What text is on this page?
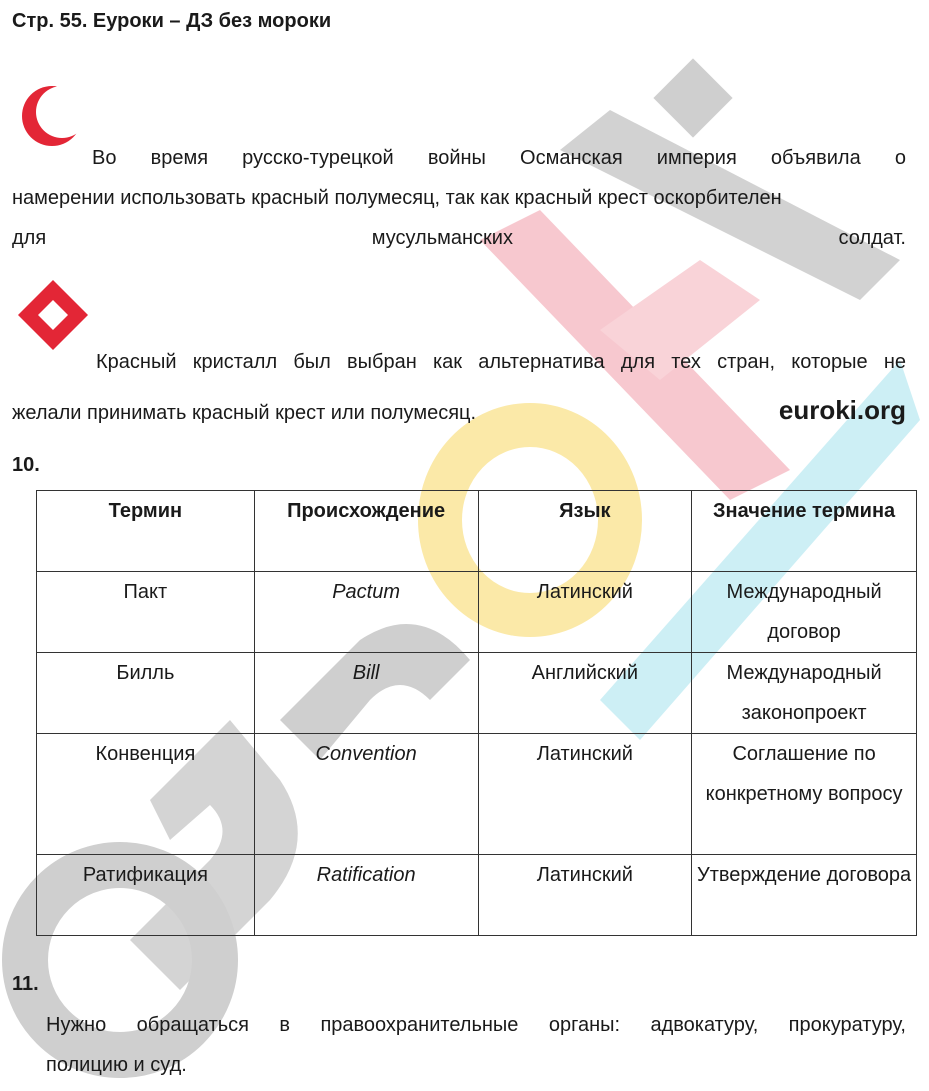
Стр. 55. Еуроки – ДЗ без мороки
Во время русско-турецкой войны Османская империя объявила о
намерении использовать красный полумесяц, так как красный крест оскорбителен
для	мусульманских	солдат.
Красный кристалл был выбран как альтернатива для тех стран, которые не
желали принимать красный крест или полумесяц.	euroki.org
10.
Термин	Происхождение	Язык	Значение термина
Пакт	Pactum	Латинский	Международный договор
Билль	Bill	Английский	Международный законопроект
Конвенция	Convention	Латинский	Соглашение по конкретному вопросу
Ратификация	Ratification	Латинский	Утверждение договора
11.
Нужно обращаться в правоохранительные органы: адвокатуру, прокуратуру,
полицию и суд.
